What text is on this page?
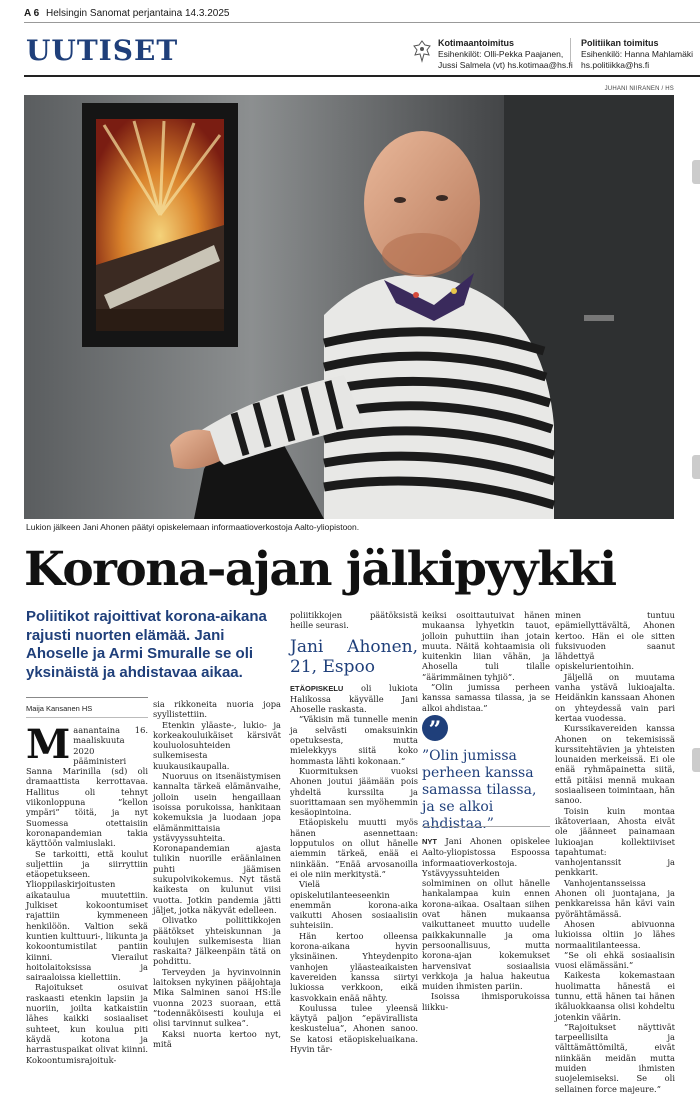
A 6 Helsingin Sanomat perjantaina 14.3.2025
UUTISET	Kotimaantoimitus
Esihenkilöt: Olli-Pekka Paajanen,
Jussi Salmela (vt) hs.kotimaa@hs.fi
Politiikan toimitus
Esihenkilö: Hanna Mahlamäki
hs.politiikka@hs.fi
JUHANI NIIRANEN / HS
Lukion jälkeen Jani Ahonen päätyi opiskelemaan informaatioverkostoja Aalto-yliopistoon.
Korona-ajan jälkipyykki
Poliitikot rajoittivat korona-aikana rajusti nuorten elämää. Jani Ahoselle ja Armi Smuralle se oli yksinäistä ja ahdistavaa aikaa.
Maija Kansanen HS

Maanantaina 16. maaliskuuta 2020 pääministeri Sanna Marinilla (sd) oli dramaattista kerrottavaa. Hallitus oli tehnyt viikonloppuna ”kellon ympäri” töitä, ja nyt Suomessa otettaisiin koronapandemian takia käyttöön valmiuslaki.

Se tarkoitti, että koulut suljettiin ja siirryttiin etäopetukseen. Ylioppilaskirjoitusten aikataulua muutettiin. Julkiset kokoontumiset rajattiin kymmeneen henkilöön. Valtion sekä kuntien kulttuuri-, liikunta ja kokoontumistilat pantiin kiinni. Vierailut hoitolaitoksissa ja sairaaloissa kiellettiin.

Rajoitukset osuivat raskaasti etenkin lapsiin ja nuoriin, joilta katkaistiin lähes kaikki sosiaaliset suhteet, kun koulua piti käydä kotona ja harrastuspaikat olivat kiinni. Kokoontumisrajoituk-

sia rikkoneita nuoria jopa syyllistettiin.

Etenkin yläaste-, lukio- ja korkeakouluikäiset kärsivät kouluolosuhteiden sulkemisesta kuukausikaupalla.

Nuoruus on itsenäistymisen kannalta tärkeä elämänvaihe, jolloin usein hengaillaan isoissa porukoissa, hankitaan kokemuksia ja luodaan jopa elämänmittaisia ystävyyssuhteita. Koronapandemian ajasta tulikin nuorille eräänlainen puhti jäämisen sukupolvikokemus. Nyt tästä kaikesta on kulunut viisi vuotta. Jotkin pandemia jätti jäljet, jotka näkyvät edelleen.

Olivatko poliittikkojen päätökset yhteiskunnan ja koulujen sulkemisesta liian raskaita? Jälkeenpäin tätä on pohdittu.

Terveyden ja hyvinvoinnin laitoksen nykyinen pääjohtaja Mika Salminen sanoi HS:lle vuonna 2023 suoraan, että ”todennäköisesti kouluja ei olisi tarvinnut sulkea”.

Kaksi nuorta kertoo nyt, mitä

poliitikkojen päätöksistä heille seurasi.

Jani Ahonen, 21, Espoo

ETÄOPISKELU oli lukiota Halikossa käyvälle Jani Ahoselle raskasta.

”Väkisin mä tunnelle menin ja selvästi omaksuinkin opetuksesta, mutta mielekkyys siitä koko hommasta lähti kokonaan.”

Kuormituksen vuoksi Ahonen joutui jäämään pois yhdeltä kurssilta ja suorittamaan sen myöhemmin kesäopintoina.

Etäopiskelu muutti myös hänen asennettaan: lopputulos on ollut hänelle aiemmin tärkeä, enää ei niinkään. ”Enää arvosanoilla ei ole niin merkitystä.”

Vielä opiskelutilanteeseenkin enemmän korona-aika vaikutti Ahosen sosiaalisiin suhteisiin.

Hän kertoo olleensa korona-aikana hyvin yksinäinen. Yhteydenpito vanhojen yläasteaikaisten kavereiden kanssa siirtyi lukiossa verkkoon, eikä kasvokkain enää nähty.

Koulussa tulee yleensä käytyä paljon ”epävirallista keskustelua”, Ahonen sanoo. Se katosi etäopiskeluaikana. Hyvin tär-

keiksi osoittautuivat hänen mukaansa lyhyetkin tauot, jolloin puhuttiin ihan jotain muuta. Näitä kohtaamisia oli kuitenkin liian vähän, ja Ahosella tuli tilalle ”äärimmäinen tyhjiö”.

”Olin jumissa perheen kanssa samassa tilassa, ja se alkoi ahdistaa.”

”
”Olin jumissa perheen kanssa samassa tilassa, ja se alkoi ahdistaa.”

NYT Jani Ahonen opiskelee Aalto-yliopistossa Espoossa informaatioverkostoja. Ystävyyssuhteiden solmiminen on ollut hänelle hankalampaa kuin ennen korona-aikaa. Osaltaan siihen ovat hänen mukaansa vaikuttaneet muutto uudelle paikkakunnalle ja oma persoonallisuus, mutta korona-ajan kokemukset harvensivat sosiaalisia verkkoja ja halua hakeutua muiden ihmisten pariin.

Isoissa ihmisporukoissa liikku-

minen tuntuu epämiellyttävältä, Ahonen kertoo. Hän ei ole sitten fuksivuoden saanut lähdettyä opiskelurientoihin.

Jäljellä on muutama vanha ystävä lukioajalta. Heidänkin kanssaan Ahonen on yhteydessä vain pari kertaa vuodessa.

Kurssikavereiden kanssa Ahonen on tekemisissä kurssitehtävien ja yhteisten lounaiden merkeissä. Ei ole enää ryhmäpainetta siitä, että pitäisi mennä mukaan sosiaaliseen toimintaan, hän sanoo.

Toisin kuin montaa ikätoveriaan, Ahosta eivät ole jäänneet painamaan lukioajan kollektiiviset tapahtumat: vanhojentanssit ja penkkarit.

Vanhojentansseissa Ahonen oli juontajana, ja penkkareissa hän kävi vain pyörähtämässä.

Ahosen abivuonna lukioissa oltiin jo lähes normaalitilanteessa.

”Se oli ehkä sosiaalisin vuosi elämässäni.”

Kaikesta kokemastaan huolimatta hänestä ei tunnu, että hänen tai hänen ikäluokkaansa olisi kohdeltu jotenkin väärin.

”Rajoitukset näyttivät tarpeellisilta ja välttämättömiltä, eivät niinkään meidän mutta muiden ihmisten suojelemiseksi. Se oli sellainen force majeure.”
